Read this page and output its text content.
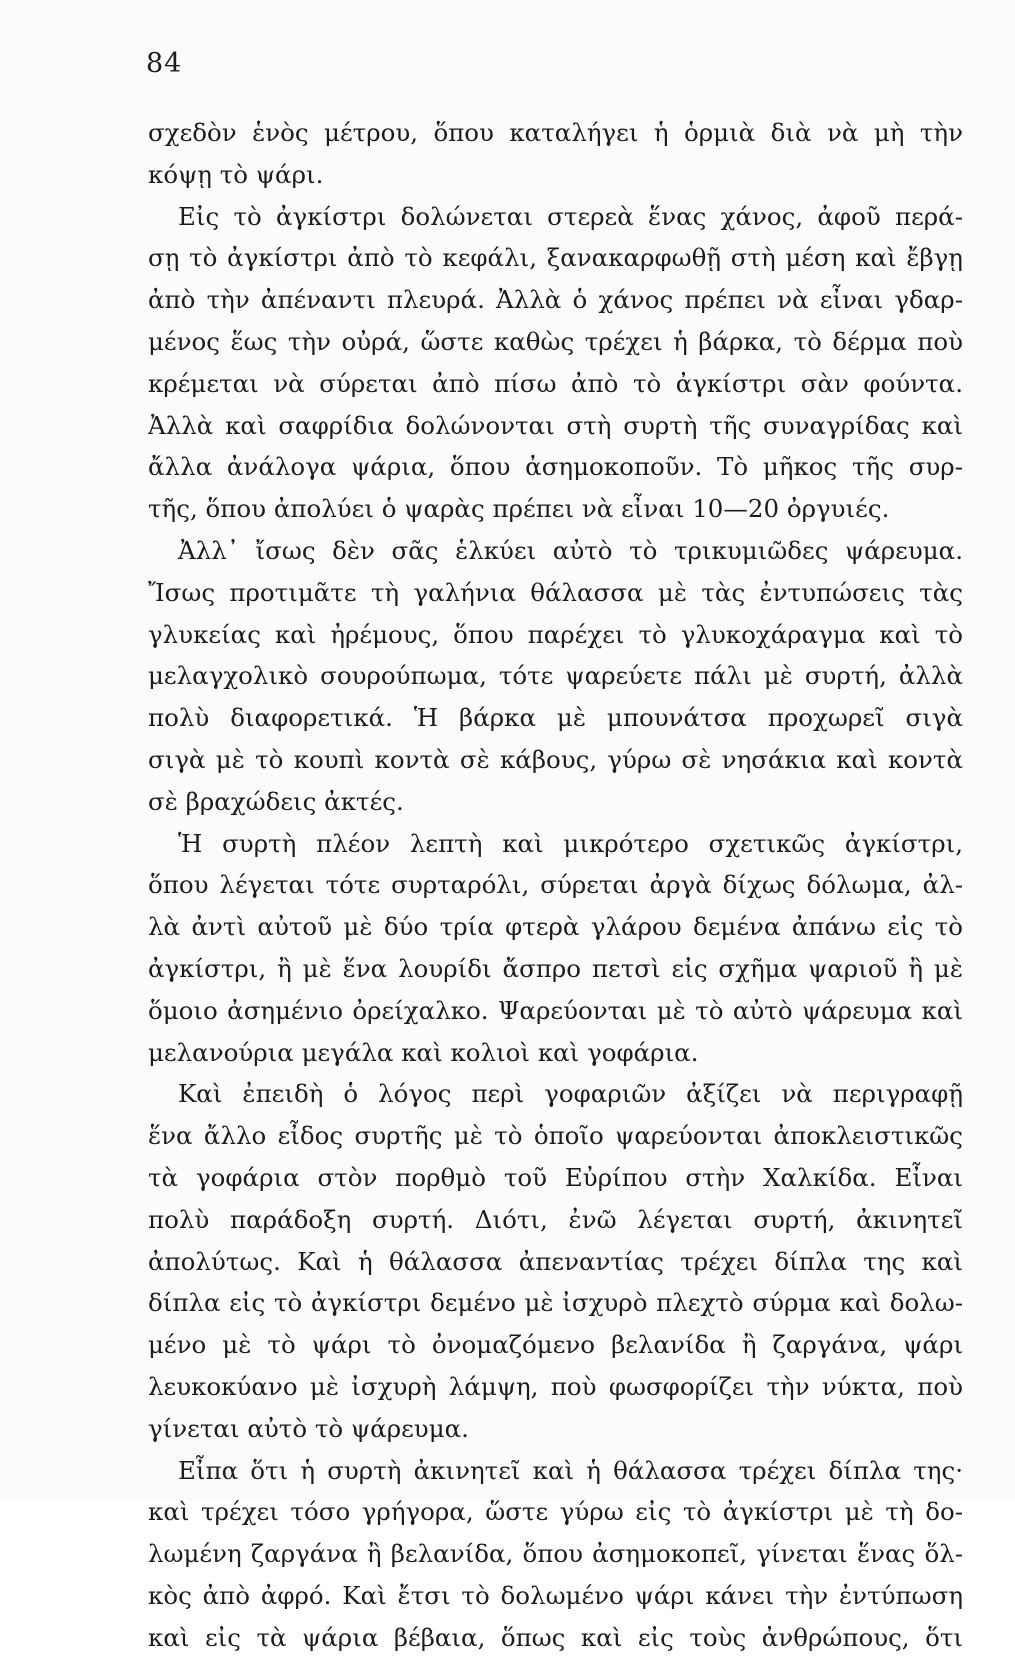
84
σχεδὸν ἑνὸς μέτρου, ὅπου καταλήγει ἡ ὁρμιὰ διὰ νὰ μὴ τὴν
κόψῃ τὸ ψάρι.
Εἰς τὸ ἀγκίστρι δολώνεται στερεὰ ἕνας χάνος, ἀφοῦ περά-
σῃ τὸ ἀγκίστρι ἀπὸ τὸ κεφάλι, ξανακαρφωθῇ στὴ μέση καὶ ἔβγῃ
ἀπὸ τὴν ἀπέναντι πλευρά. Ἀλλὰ ὁ χάνος πρέπει νὰ εἶναι γδαρ-
μένος ἕως τὴν οὐρά, ὥστε καθὼς τρέχει ἡ βάρκα, τὸ δέρμα ποὺ
κρέμεται νὰ σύρεται ἀπὸ πίσω ἀπὸ τὸ ἀγκίστρι σὰν φούντα.
Ἀλλὰ καὶ σαφρίδια δολώνονται στὴ συρτὴ τῆς συναγρίδας καὶ
ἄλλα ἀνάλογα ψάρια, ὅπου ἀσημοκοποῦν. Τὸ μῆκος τῆς συρ-
τῆς, ὅπου ἀπολύει ὁ ψαρὰς πρέπει νὰ εἶναι 10—20 ὀργυιές.
Ἀλλ᾿ ἴσως δὲν σᾶς ἑλκύει αὐτὸ τὸ τρικυμιῶδες ψάρευμα.
Ἴσως προτιμᾶτε τὴ γαλήνια θάλασσα μὲ τὰς ἐντυπώσεις τὰς
γλυκείας καὶ ἠρέμους, ὅπου παρέχει τὸ γλυκοχάραγμα καὶ τὸ
μελαγχολικὸ σουρούπωμα, τότε ψαρεύετε πάλι μὲ συρτή, ἀλλὰ
πολὺ διαφορετικά. Ἡ βάρκα μὲ μπουνάτσα προχωρεῖ σιγὰ
σιγὰ μὲ τὸ κουπὶ κοντὰ σὲ κάβους, γύρω σὲ νησάκια καὶ κοντὰ
σὲ βραχώδεις ἀκτές.
Ἡ συρτὴ πλέον λεπτὴ καὶ μικρότερο σχετικῶς ἀγκίστρι,
ὅπου λέγεται τότε συρταρόλι, σύρεται ἀργὰ δίχως δόλωμα, ἀλ-
λὰ ἀντὶ αὐτοῦ μὲ δύο τρία φτερὰ γλάρου δεμένα ἀπάνω εἰς τὸ
ἀγκίστρι, ἢ μὲ ἕνα λουρίδι ἄσπρο πετσὶ εἰς σχῆμα ψαριοῦ ἢ μὲ
ὅμοιο ἀσημένιο ὀρείχαλκο. Ψαρεύονται μὲ τὸ αὐτὸ ψάρευμα καὶ
μελανούρια μεγάλα καὶ κολιοὶ καὶ γοφάρια.
Καὶ ἐπειδὴ ὁ λόγος περὶ γοφαριῶν ἀξίζει νὰ περιγραφῇ
ἕνα ἄλλο εἶδος συρτῆς μὲ τὸ ὁποῖο ψαρεύονται ἀποκλειστικῶς
τὰ γοφάρια στὸν πορθμὸ τοῦ Εὐρίπου στὴν Χαλκίδα. Εἶναι
πολὺ παράδοξη συρτή. Διότι, ἐνῶ λέγεται συρτή, ἀκινητεῖ
ἀπολύτως. Καὶ ἡ θάλασσα ἀπεναντίας τρέχει δίπλα της καὶ
δίπλα εἰς τὸ ἀγκίστρι δεμένο μὲ ἰσχυρὸ πλεχτὸ σύρμα καὶ δολω-
μένο μὲ τὸ ψάρι τὸ ὀνομαζόμενο βελανίδα ἢ ζαργάνα, ψάρι
λευκοκύανο μὲ ἰσχυρὴ λάμψη, ποὺ φωσφορίζει τὴν νύκτα, ποὺ
γίνεται αὐτὸ τὸ ψάρευμα.
Εἶπα ὅτι ἡ συρτὴ ἀκινητεῖ καὶ ἡ θάλασσα τρέχει δίπλα της·
καὶ τρέχει τόσο γρήγορα, ὥστε γύρω εἰς τὸ ἀγκίστρι μὲ τὴ δο-
λωμένη ζαργάνα ἢ βελανίδα, ὅπου ἀσημοκοπεῖ, γίνεται ἕνας ὅλ-
κὸς ἀπὸ ἀφρό. Καὶ ἔτσι τὸ δολωμένο ψάρι κάνει τὴν ἐντύπωση
καὶ εἰς τὰ ψάρια βέβαια, ὅπως καὶ εἰς τοὺς ἀνθρώπους, ὅτι
